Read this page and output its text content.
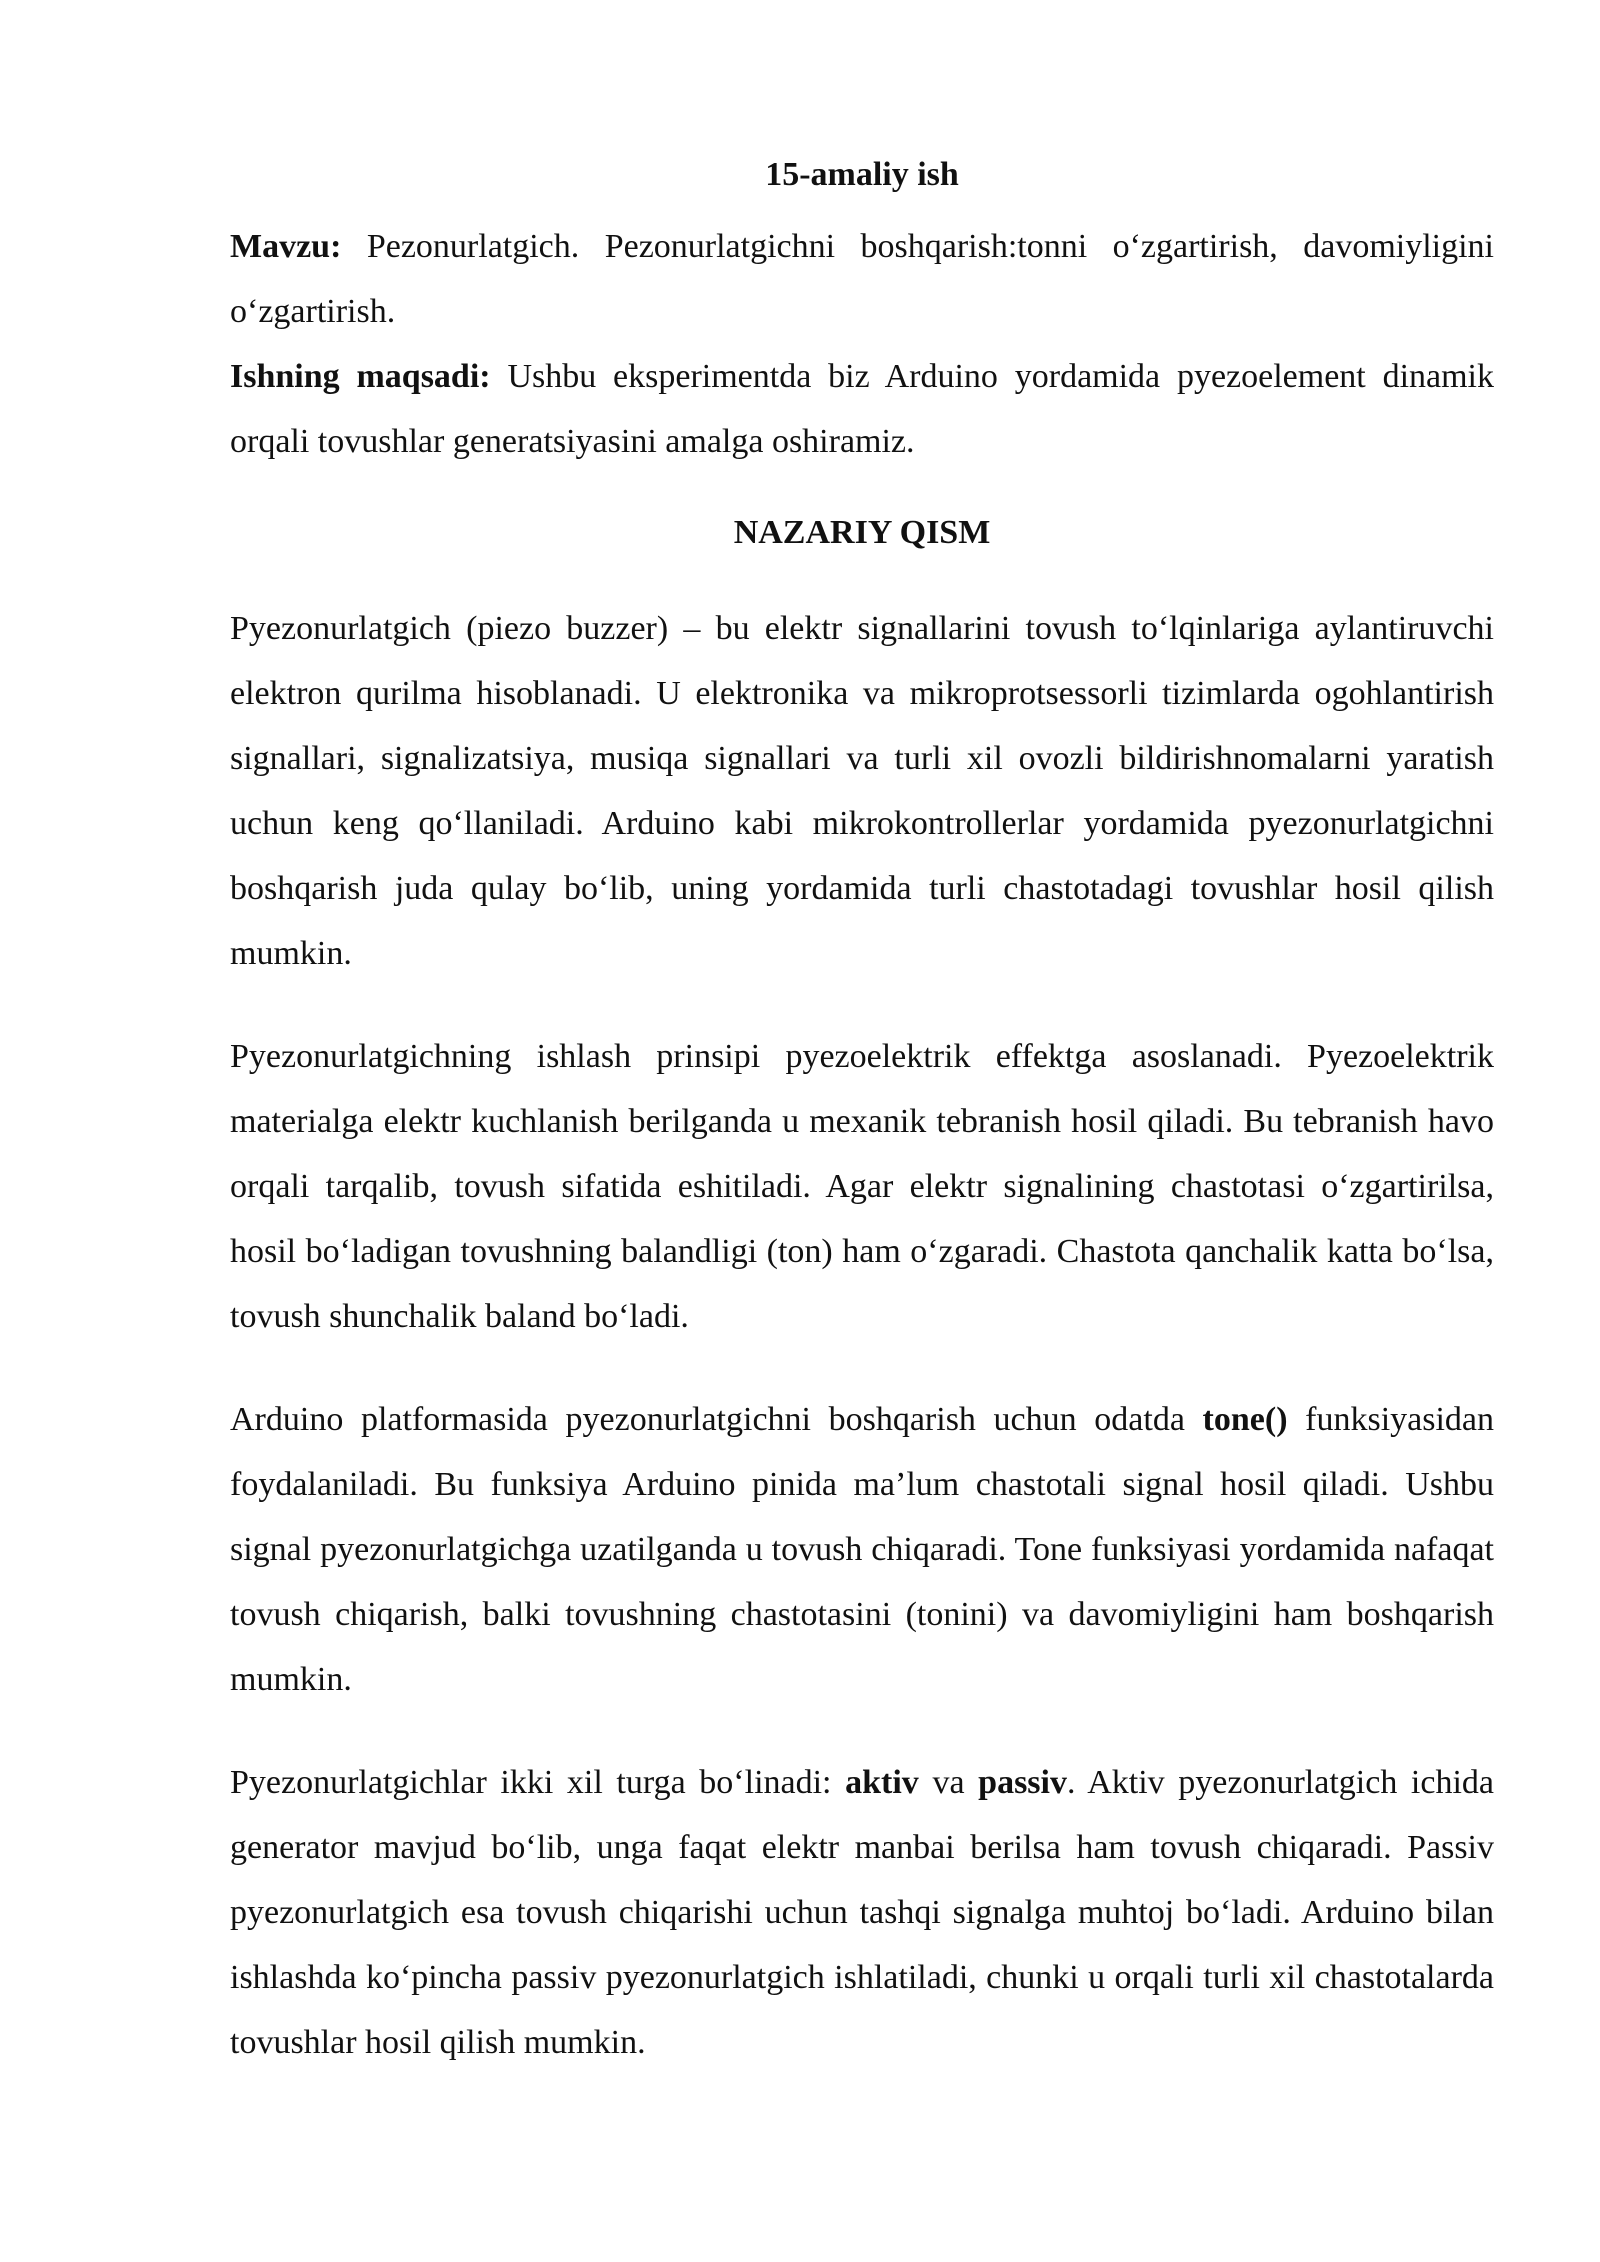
15-amaliy ish

Mavzu: Pezonurlatgich. Pezonurlatgichni boshqarish:tonni o‘zgartirish, davomiyligini o‘zgartirish.

Ishning maqsadi: Ushbu eksperimentda biz Arduino yordamida pyezoelement dinamik orqali tovushlar generatsiyasini amalga oshiramiz.

NAZARIY QISM

Pyezonurlatgich (piezo buzzer) – bu elektr signallarini tovush to‘lqinlariga aylantiruvchi elektron qurilma hisoblanadi. U elektronika va mikroprotsessorli tizimlarda ogohlantirish signallari, signalizatsiya, musiqa signallari va turli xil ovozli bildirishnomalarni yaratish uchun keng qo‘llaniladi. Arduino kabi mikrokontrollerlar yordamida pyezonurlatgichni boshqarish juda qulay bo‘lib, uning yordamida turli chastotadagi tovushlar hosil qilish mumkin.

Pyezonurlatgichning ishlash prinsipi pyezoelektrik effektga asoslanadi. Pyezoelektrik materialga elektr kuchlanish berilganda u mexanik tebranish hosil qiladi. Bu tebranish havo orqali tarqalib, tovush sifatida eshitiladi. Agar elektr signalining chastotasi o‘zgartirilsa, hosil bo‘ladigan tovushning balandligi (ton) ham o‘zgaradi. Chastota qanchalik katta bo‘lsa, tovush shunchalik baland bo‘ladi.

Arduino platformasida pyezonurlatgichni boshqarish uchun odatda tone() funksiyasidan foydalaniladi. Bu funksiya Arduino pinida ma’lum chastotali signal hosil qiladi. Ushbu signal pyezonurlatgichga uzatilganda u tovush chiqaradi. Tone funksiyasi yordamida nafaqat tovush chiqarish, balki tovushning chastotasini (tonini) va davomiyligini ham boshqarish mumkin.

Pyezonurlatgichlar ikki xil turga bo‘linadi: aktiv va passiv. Aktiv pyezonurlatgich ichida generator mavjud bo‘lib, unga faqat elektr manbai berilsa ham tovush chiqaradi. Passiv pyezonurlatgich esa tovush chiqarishi uchun tashqi signalga muhtoj bo‘ladi. Arduino bilan ishlashda ko‘pincha passiv pyezonurlatgich ishlatiladi, chunki u orqali turli xil chastotalarda tovushlar hosil qilish mumkin.
